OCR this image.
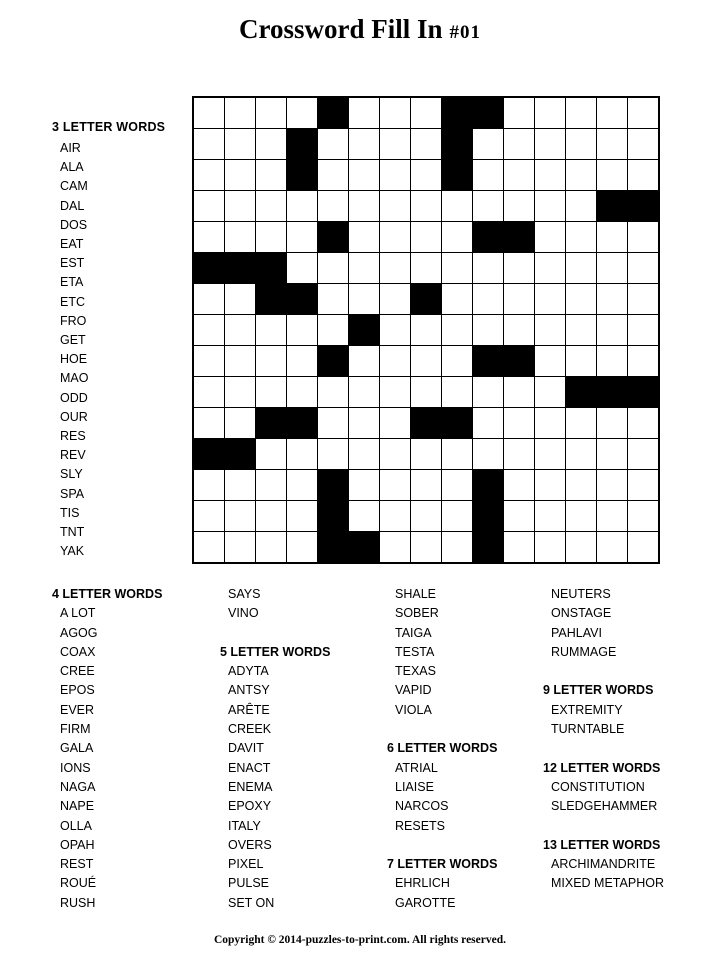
Crossword Fill In #01

3 LETTER WORDS
AIR
ALA
CAM
DAL
DOS
EAT
EST
ETA
ETC
FRO
GET
HOE
MAO
ODD
OUR
RES
REV
SLY
SPA
TIS
TNT
YAK
4 LETTER WORDS
A LOT
AGOG
COAX
CREE
EPOS
EVER
FIRM
GALA
IONS
NAGA
NAPE
OLLA
OPAH
REST
ROUÉ
RUSH
SAYS
VINO
5 LETTER WORDS
ADYTA
ANTSY
ARÊTE
CREEK
DAVIT
ENACT
ENEMA
EPOXY
ITALY
OVERS
PIXEL
PULSE
SET ON
SHALE
SOBER
TAIGA
TESTA
TEXAS
VAPID
VIOLA
6 LETTER WORDS
ATRIAL
LIAISE
NARCOS
RESETS
7 LETTER WORDS
EHRLICH
GAROTTE
NEUTERS
ONSTAGE
PAHLAVI
RUMMAGE
9 LETTER WORDS
EXTREMITY
TURNTABLE
12 LETTER WORDS
CONSTITUTION
SLEDGEHAMMER
13 LETTER WORDS
ARCHIMANDRITE
MIXED METAPHOR
Copyright © 2014-puzzles-to-print.com. All rights reserved.
